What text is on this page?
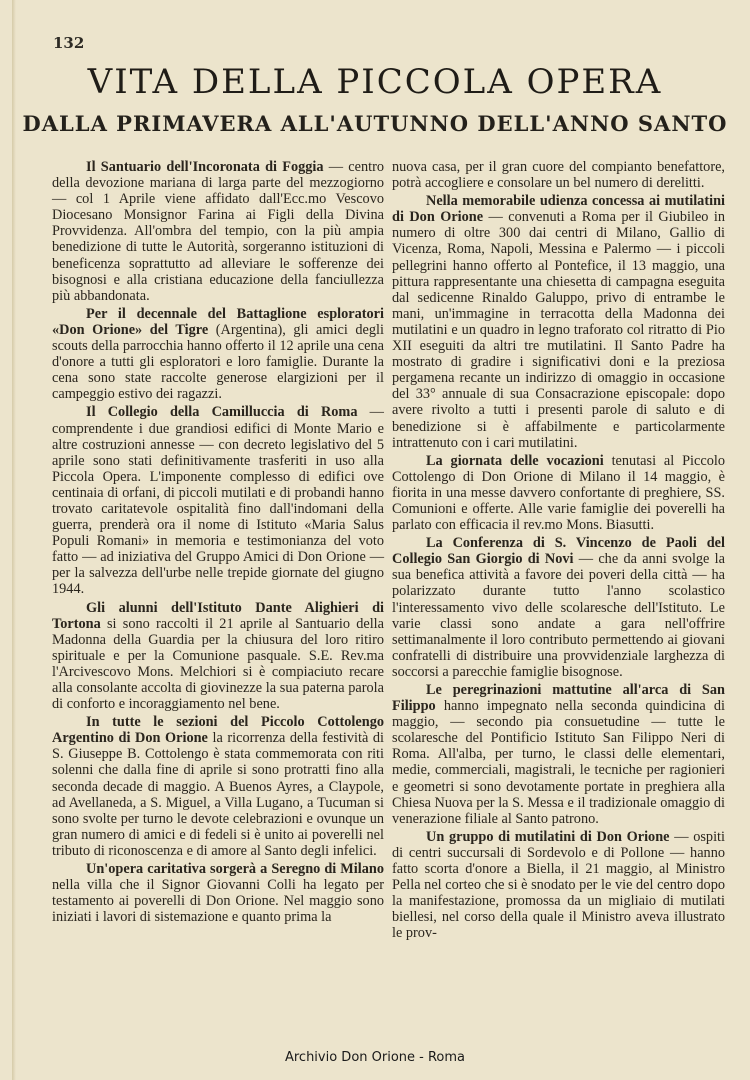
132
VITA DELLA PICCOLA OPERA
DALLA PRIMAVERA ALL'AUTUNNO DELL'ANNO SANTO

Il Santuario dell'Incoronata di Foggia — centro della devozione mariana di larga parte del mezzogiorno — col 1 Aprile viene affidato dall'Ecc.mo Vescovo Diocesano Monsignor Farina ai Figli della Divina Provvidenza. All'ombra del tempio, con la più ampia benedizione di tutte le Autorità, sorgeranno istituzioni di beneficenza soprattutto ad alleviare le sofferenze dei bisognosi e alla cristiana educazione della fanciullezza più abbandonata.

Per il decennale del Battaglione esploratori «Don Orione» del Tigre (Argentina), gli amici degli scouts della parrocchia hanno offerto il 12 aprile una cena d'onore a tutti gli esploratori e loro famiglie. Durante la cena sono state raccolte generose elargizioni per il campeggio estivo dei ragazzi.

Il Collegio della Camilluccia di Roma — comprendente i due grandiosi edifici di Monte Mario e altre costruzioni annesse — con decreto legislativo del 5 aprile sono stati definitivamente trasferiti in uso alla Piccola Opera. L'imponente complesso di edifici ove centinaia di orfani, di piccoli mutilati e di probandi hanno trovato caritatevole ospitalità fino dall'indomani della guerra, prenderà ora il nome di Istituto «Maria Salus Populi Romani» in memoria e testimonianza del voto fatto — ad iniziativa del Gruppo Amici di Don Orione — per la salvezza dell'urbe nelle trepide giornate del giugno 1944.

Gli alunni dell'Istituto Dante Alighieri di Tortona si sono raccolti il 21 aprile al Santuario della Madonna della Guardia per la chiusura del loro ritiro spirituale e per la Comunione pasquale. S.E. Rev.ma l'Arcivescovo Mons. Melchiori si è compiaciuto recare alla consolante accolta di giovinezze la sua paterna parola di conforto e incoraggiamento nel bene.

In tutte le sezioni del Piccolo Cottolengo Argentino di Don Orione la ricorrenza della festività di S. Giuseppe B. Cottolengo è stata commemorata con riti solenni che dalla fine di aprile si sono protratti fino alla seconda decade di maggio. A Buenos Ayres, a Claypole, ad Avellaneda, a S. Miguel, a Villa Lugano, a Tucuman si sono svolte per turno le devote celebrazioni e ovunque un gran numero di amici e di fedeli si è unito ai poverelli nel tributo di riconoscenza e di amore al Santo degli infelici.

Un'opera caritativa sorgerà a Seregno di Milano nella villa che il Signor Giovanni Colli ha legato per testamento ai poverelli di Don Orione. Nel maggio sono iniziati i lavori di sistemazione e quanto prima la

nuova casa, per il gran cuore del compianto benefattore, potrà accogliere e consolare un bel numero di derelitti.

Nella memorabile udienza concessa ai mutilatini di Don Orione — convenuti a Roma per il Giubileo in numero di oltre 300 dai centri di Milano, Gallio di Vicenza, Roma, Napoli, Messina e Palermo — i piccoli pellegrini hanno offerto al Pontefice, il 13 maggio, una pittura rappresentante una chiesetta di campagna eseguita dal sedicenne Rinaldo Galuppo, privo di entrambe le mani, un'immagine in terracotta della Madonna dei mutilatini e un quadro in legno traforato col ritratto di Pio XII eseguiti da altri tre mutilatini. Il Santo Padre ha mostrato di gradire i significativi doni e la preziosa pergamena recante un indirizzo di omaggio in occasione del 33° annuale di sua Consacrazione episcopale: dopo avere rivolto a tutti i presenti parole di saluto e di benedizione si è affabilmente e particolarmente intrattenuto con i cari mutilatini.

La giornata delle vocazioni tenutasi al Piccolo Cottolengo di Don Orione di Milano il 14 maggio, è fiorita in una messe davvero confortante di preghiere, SS. Comunioni e offerte. Alle varie famiglie dei poverelli ha parlato con efficacia il rev.mo Mons. Biasutti.

La Conferenza di S. Vincenzo de Paoli del Collegio San Giorgio di Novi — che da anni svolge la sua benefica attività a favore dei poveri della città — ha polarizzato durante tutto l'anno scolastico l'interessamento vivo delle scolaresche dell'Istituto. Le varie classi sono andate a gara nell'offrire settimanalmente il loro contributo permettendo ai giovani confratelli di distribuire una provvidenziale larghezza di soccorsi a parecchie famiglie bisognose.

Le peregrinazioni mattutine all'arca di San Filippo hanno impegnato nella seconda quindicina di maggio, — secondo pia consuetudine — tutte le scolaresche del Pontificio Istituto San Filippo Neri di Roma. All'alba, per turno, le classi delle elementari, medie, commerciali, magistrali, le tecniche per ragionieri e geometri si sono devotamente portate in preghiera alla Chiesa Nuova per la S. Messa e il tradizionale omaggio di venerazione filiale al Santo patrono.

Un gruppo di mutilatini di Don Orione — ospiti di centri succursali di Sordevolo e di Pollone — hanno fatto scorta d'onore a Biella, il 21 maggio, al Ministro Pella nel corteo che si è snodato per le vie del centro dopo la manifestazione, promossa da un migliaio di mutilati biellesi, nel corso della quale il Ministro aveva illustrato le prov-

Archivio Don Orione - Roma
